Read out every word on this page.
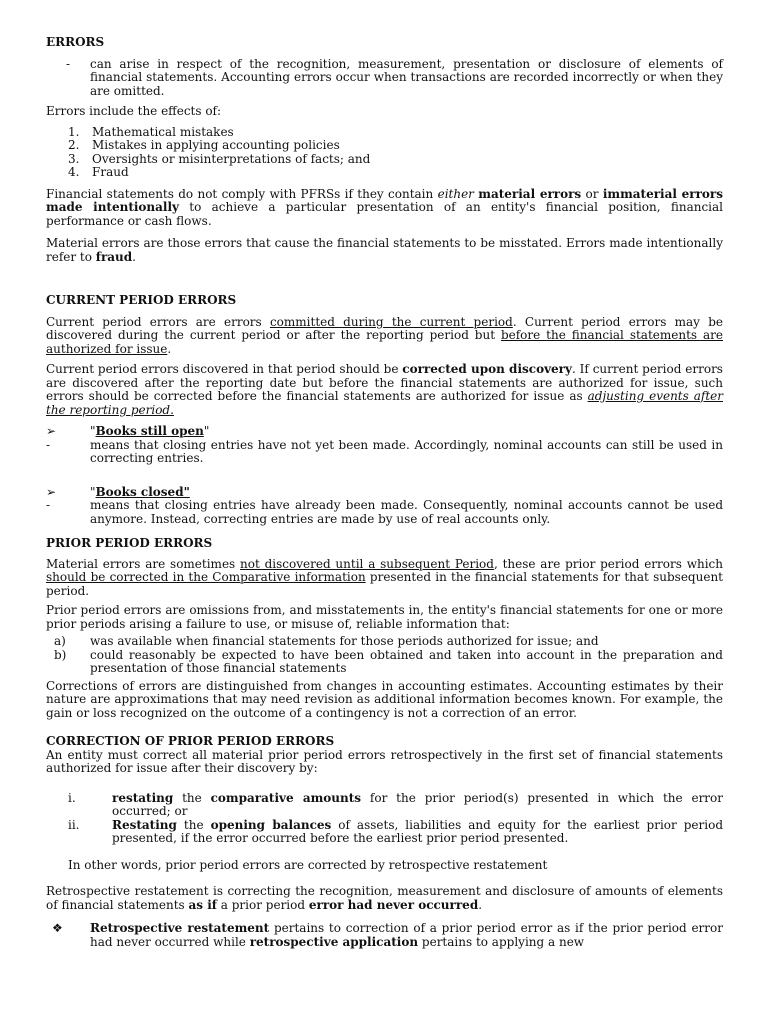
ERRORS
-	can arise in respect of the recognition, measurement, presentation or disclosure of elements of financial statements. Accounting errors occur when transactions are recorded incorrectly or when they are omitted.

Errors include the effects of:

1.	Mathematical mistakes
2.	Mistakes in applying accounting policies
3.	Oversights or misinterpretations of facts; and
4.	Fraud

Financial statements do not comply with PFRSs if they contain either material errors or immaterial errors made intentionally to achieve a particular presentation of an entity's financial position, financial performance or cash flows.

Material errors are those errors that cause the financial statements to be misstated. Errors made intentionally refer to fraud.

CURRENT PERIOD ERRORS

Current period errors are errors committed during the current period. Current period errors may be discovered during the current period or after the reporting period but before the financial statements are authorized for issue.

Current period errors discovered in that period should be corrected upon discovery. If current period errors are discovered after the reporting date but before the financial statements are authorized for issue, such errors should be corrected before the financial statements are authorized for issue as adjusting events after the reporting period.

➢	"Books still open"
-	means that closing entries have not yet been made. Accordingly, nominal accounts can still be used in correcting entries.
➢	"Books closed"
-	means that closing entries have already been made. Consequently, nominal accounts cannot be used anymore. Instead, correcting entries are made by use of real accounts only.
PRIOR PERIOD ERRORS

Material errors are sometimes not discovered until a subsequent Period, these are prior period errors which should be corrected in the Comparative information presented in the financial statements for that subsequent period.

Prior period errors are omissions from, and misstatements in, the entity's financial statements for one or more prior periods arising a failure to use, or misuse of, reliable information that:

a)	was available when financial statements for those periods authorized for issue; and
b)	could reasonably be expected to have been obtained and taken into account in the preparation and presentation of those financial statements

Corrections of errors are distinguished from changes in accounting estimates. Accounting estimates by their nature are approximations that may need revision as additional information becomes known. For example, the gain or loss recognized on the outcome of a contingency is not a correction of an error.

CORRECTION OF PRIOR PERIOD ERRORS

An entity must correct all material prior period errors retrospectively in the first set of financial statements authorized for issue after their discovery by:

i.	restating the comparative amounts for the prior period(s) presented in which the error occurred; or
ii.	Restating the opening balances of assets, liabilities and equity for the earliest prior period presented, if the error occurred before the earliest prior period presented.

In other words, prior period errors are corrected by retrospective restatement

Retrospective restatement is correcting the recognition, measurement and disclosure of amounts of elements of financial statements as if a prior period error had never occurred.

❖	Retrospective restatement pertains to correction of a prior period error as if the prior period error had never occurred while retrospective application pertains to applying a new
